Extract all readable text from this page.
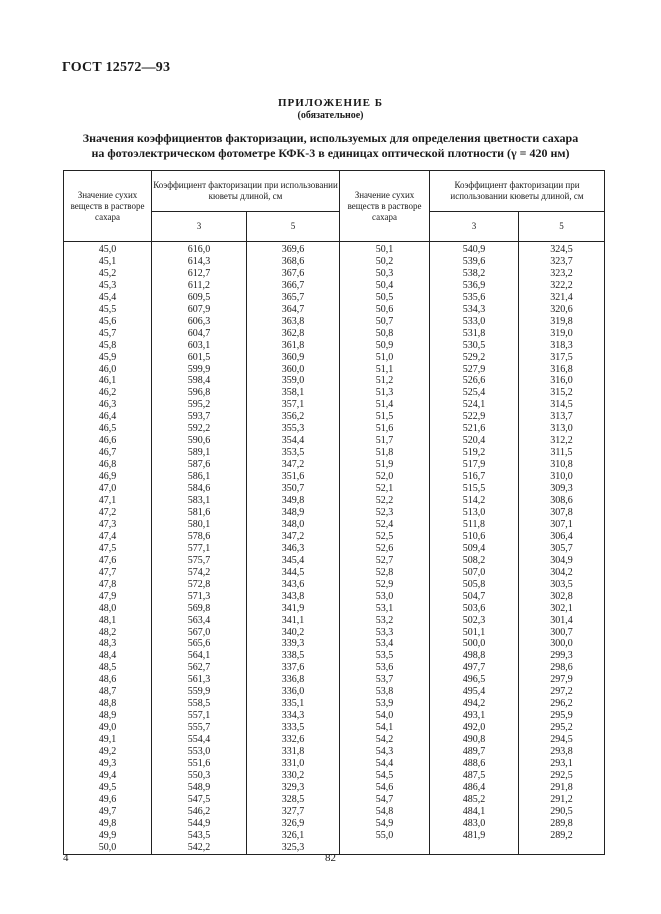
ГОСТ 12572—93
ПРИЛОЖЕНИЕ Б
(обязательное)
Значения коэффициентов факторизации, используемых для определения цветности сахара
на фотоэлектрическом фотометре КФК-3 в единицах оптической плотности (γ = 420 нм)
Значение сухих веществ в растворе сахара	Коэффициент факторизации при использовании кюветы длиной, см		Значение сухих веществ в растворе сахара	Коэффициент факторизации при использовании кюветы длиной, см	
	3	5		3	5
45,0	616,0	369,6	50,1	540,9	324,5
45,1	614,3	368,6	50,2	539,6	323,7
45,2	612,7	367,6	50,3	538,2	323,2
45,3	611,2	366,7	50,4	536,9	322,2
45,4	609,5	365,7	50,5	535,6	321,4
45,5	607,9	364,7	50,6	534,3	320,6
45,6	606,3	363,8	50,7	533,0	319,8
45,7	604,7	362,8	50,8	531,8	319,0
45,8	603,1	361,8	50,9	530,5	318,3
45,9	601,5	360,9	51,0	529,2	317,5
46,0	599,9	360,0	51,1	527,9	316,8
46,1	598,4	359,0	51,2	526,6	316,0
46,2	596,8	358,1	51,3	525,4	315,2
46,3	595,2	357,1	51,4	524,1	314,5
46,4	593,7	356,2	51,5	522,9	313,7
46,5	592,2	355,3	51,6	521,6	313,0
46,6	590,6	354,4	51,7	520,4	312,2
46,7	589,1	353,5	51,8	519,2	311,5
46,8	587,6	347,2	51,9	517,9	310,8
46,9	586,1	351,6	52,0	516,7	310,0
47,0	584,6	350,7	52,1	515,5	309,3
47,1	583,1	349,8	52,2	514,2	308,6
47,2	581,6	348,9	52,3	513,0	307,8
47,3	580,1	348,0	52,4	511,8	307,1
47,4	578,6	347,2	52,5	510,6	306,4
47,5	577,1	346,3	52,6	509,4	305,7
47,6	575,7	345,4	52,7	508,2	304,9
47,7	574,2	344,5	52,8	507,0	304,2
47,8	572,8	343,6	52,9	505,8	303,5
47,9	571,3	343,8	53,0	504,7	302,8
48,0	569,8	341,9	53,1	503,6	302,1
48,1	563,4	341,1	53,2	502,3	301,4
48,2	567,0	340,2	53,3	501,1	300,7
48,3	565,6	339,3	53,4	500,0	300,0
48,4	564,1	338,5	53,5	498,8	299,3
48,5	562,7	337,6	53,6	497,7	298,6
48,6	561,3	336,8	53,7	496,5	297,9
48,7	559,9	336,0	53,8	495,4	297,2
48,8	558,5	335,1	53,9	494,2	296,2
48,9	557,1	334,3	54,0	493,1	295,9
49,0	555,7	333,5	54,1	492,0	295,2
49,1	554,4	332,6	54,2	490,8	294,5
49,2	553,0	331,8	54,3	489,7	293,8
49,3	551,6	331,0	54,4	488,6	293,1
49,4	550,3	330,2	54,5	487,5	292,5
49,5	548,9	329,3	54,6	486,4	291,8
49,6	547,5	328,5	54,7	485,2	291,2
49,7	546,2	327,7	54,8	484,1	290,5
49,8	544,9	326,9	54,9	483,0	289,8
49,9	543,5	326,1	55,0	481,9	289,2
50,0	542,2	325,3			
4	82
